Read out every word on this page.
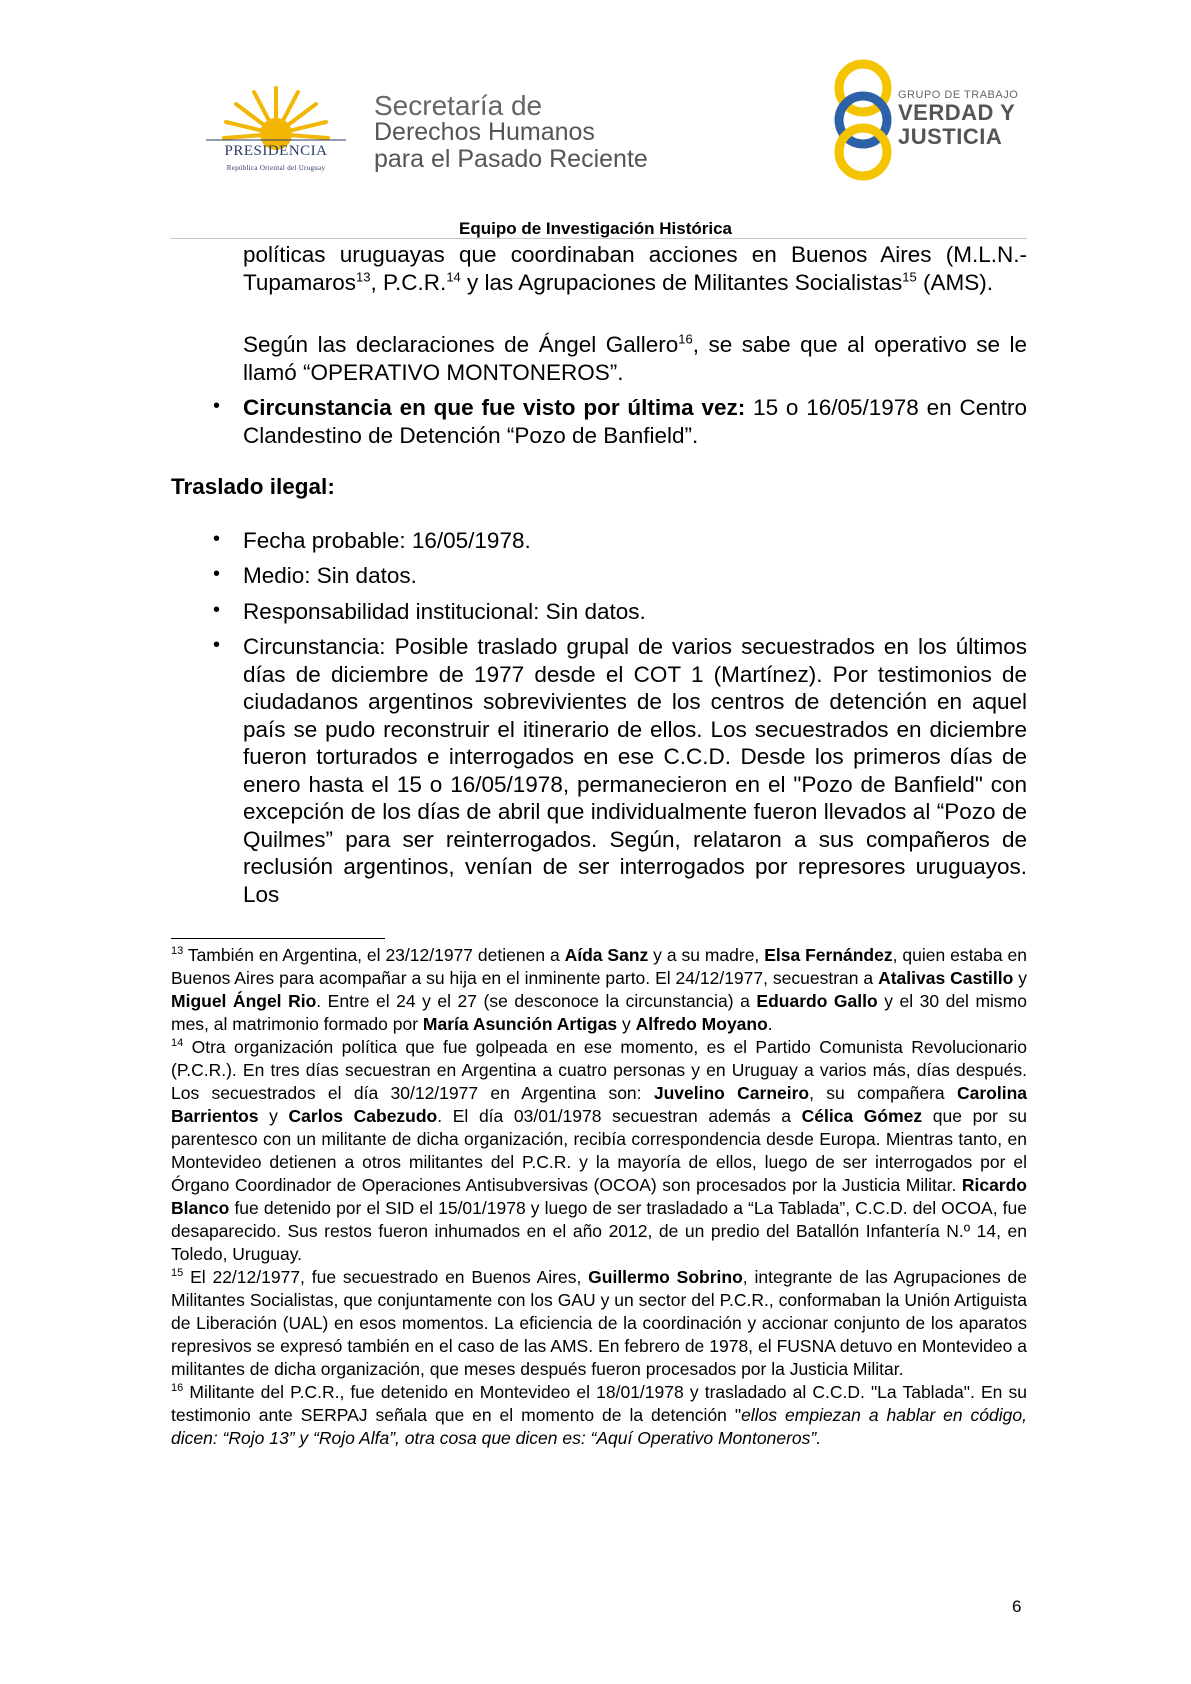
PRESIDENCIA
República Oriental del Uruguay
Secretaría de
Derechos Humanos
para el Pasado Reciente
GRUPO DE TRABAJO
VERDAD Y
JUSTICIA
Equipo de Investigación Histórica
políticas uruguayas que coordinaban acciones en Buenos Aires (M.L.N.-Tupamaros$^{13}$, P.C.R.$^{14}$ y las Agrupaciones de Militantes Socialistas$^{15}$ (AMS).
Según las declaraciones de Ángel Gallero$^{16}$, se sabe que al operativo se le llamó “OPERATIVO MONTONEROS”.
• Circunstancia en que fue visto por última vez: 15 o 16/05/1978 en Centro Clandestino de Detención “Pozo de Banfield”.
Traslado ilegal:
• Fecha probable: 16/05/1978.
• Medio: Sin datos.
• Responsabilidad institucional: Sin datos.
• Circunstancia: Posible traslado grupal de varios secuestrados en los últimos días de diciembre de 1977 desde el COT 1 (Martínez). Por testimonios de ciudadanos argentinos sobrevivientes de los centros de detención en aquel país se pudo reconstruir el itinerario de ellos. Los secuestrados en diciembre fueron torturados e interrogados en ese C.C.D. Desde los primeros días de enero hasta el 15 o 16/05/1978, permanecieron en el "Pozo de Banfield" con excepción de los días de abril que individualmente fueron llevados al “Pozo de Quilmes” para ser reinterrogados. Según, relataron a sus compañeros de reclusión argentinos, venían de ser interrogados por represores uruguayos. Los

$^{13}$ También en Argentina, el 23/12/1977 detienen a Aída Sanz y a su madre, Elsa Fernández, quien estaba en Buenos Aires para acompañar a su hija en el inminente parto. El 24/12/1977, secuestran a Atalivas Castillo y Miguel Ángel Rio. Entre el 24 y el 27 (se desconoce la circunstancia) a Eduardo Gallo y el 30 del mismo mes, al matrimonio formado por María Asunción Artigas y Alfredo Moyano.

$^{14}$ Otra organización política que fue golpeada en ese momento, es el Partido Comunista Revolucionario (P.C.R.). En tres días secuestran en Argentina a cuatro personas y en Uruguay a varios más, días después. Los secuestrados el día 30/12/1977 en Argentina son: Juvelino Carneiro, su compañera Carolina Barrientos y Carlos Cabezudo. El día 03/01/1978 secuestran además a Célica Gómez que por su parentesco con un militante de dicha organización, recibía correspondencia desde Europa. Mientras tanto, en Montevideo detienen a otros militantes del P.C.R. y la mayoría de ellos, luego de ser interrogados por el Órgano Coordinador de Operaciones Antisubversivas (OCOA) son procesados por la Justicia Militar. Ricardo Blanco fue detenido por el SID el 15/01/1978 y luego de ser trasladado a “La Tablada”, C.C.D. del OCOA, fue desaparecido. Sus restos fueron inhumados en el año 2012, de un predio del Batallón Infantería N.º 14, en Toledo, Uruguay.

$^{15}$ El 22/12/1977, fue secuestrado en Buenos Aires, Guillermo Sobrino, integrante de las Agrupaciones de Militantes Socialistas, que conjuntamente con los GAU y un sector del P.C.R., conformaban la Unión Artiguista de Liberación (UAL) en esos momentos. La eficiencia de la coordinación y accionar conjunto de los aparatos represivos se expresó también en el caso de las AMS. En febrero de 1978, el FUSNA detuvo en Montevideo a militantes de dicha organización, que meses después fueron procesados por la Justicia Militar.

$^{16}$ Militante del P.C.R., fue detenido en Montevideo el 18/01/1978 y trasladado al C.C.D. "La Tablada". En su testimonio ante SERPAJ señala que en el momento de la detención "ellos empiezan a hablar en código, dicen: “Rojo 13” y “Rojo Alfa”, otra cosa que dicen es: “Aquí Operativo Montoneros”.

6
